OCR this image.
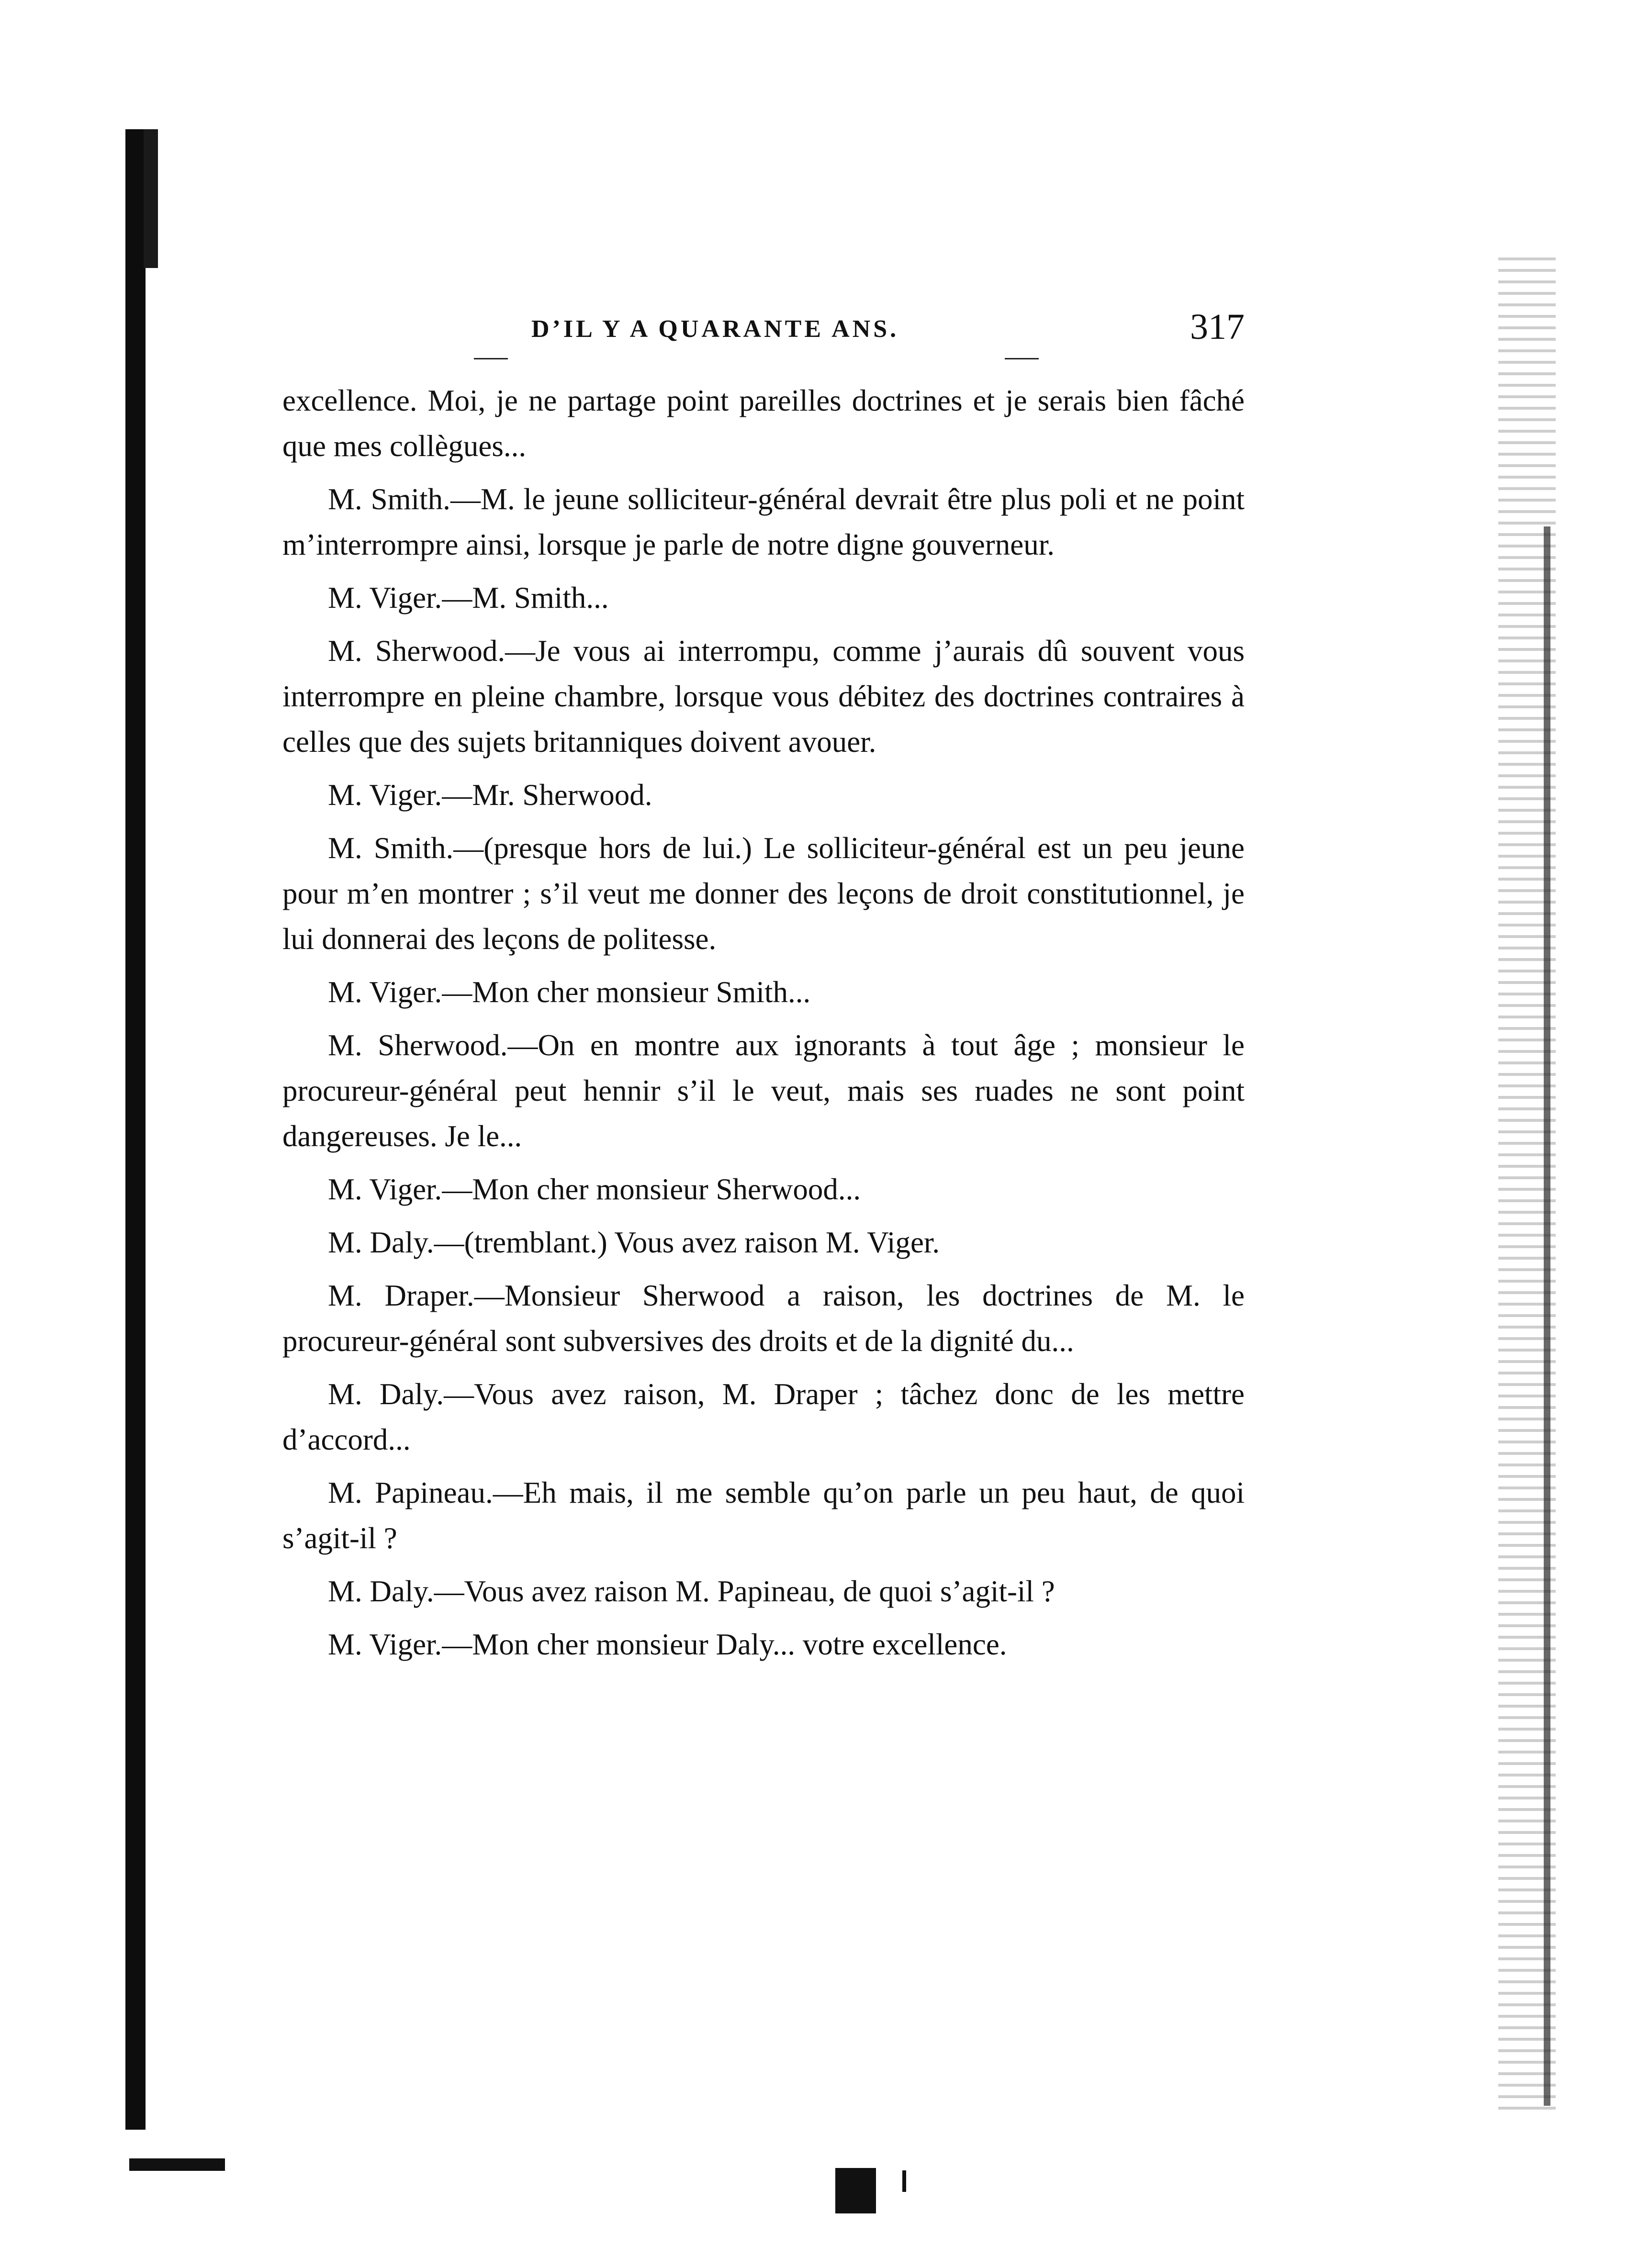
D’IL Y A QUARANTE ANS.	317

excellence. Moi, je ne partage point pareilles doctrines et je serais bien fâché que mes collègues...

M. Smith.—M. le jeune solliciteur-général devrait être plus poli et ne point m’interrompre ainsi, lorsque je parle de notre digne gouverneur.

M. Viger.—M. Smith...

M. Sherwood.—Je vous ai interrompu, comme j’aurais dû souvent vous interrompre en pleine chambre, lorsque vous débitez des doctrines contraires à celles que des sujets britanniques doivent avouer.

M. Viger.—Mr. Sherwood.

M. Smith.—(presque hors de lui.) Le solliciteur-général est un peu jeune pour m’en montrer ; s’il veut me donner des leçons de droit constitutionnel, je lui donnerai des leçons de politesse.

M. Viger.—Mon cher monsieur Smith...

M. Sherwood.—On en montre aux ignorants à tout âge ; monsieur le procureur-général peut hennir s’il le veut, mais ses ruades ne sont point dangereuses. Je le...

M. Viger.—Mon cher monsieur Sherwood...

M. Daly.—(tremblant.) Vous avez raison M. Viger.

M. Draper.—Monsieur Sherwood a raison, les doctrines de M. le procureur-général sont subversives des droits et de la dignité du...

M. Daly.—Vous avez raison, M. Draper ; tâchez donc de les mettre d’accord...

M. Papineau.—Eh mais, il me semble qu’on parle un peu haut, de quoi s’agit-il ?

M. Daly.—Vous avez raison M. Papineau, de quoi s’agit-il ?

M. Viger.—Mon cher monsieur Daly... votre excellence.
